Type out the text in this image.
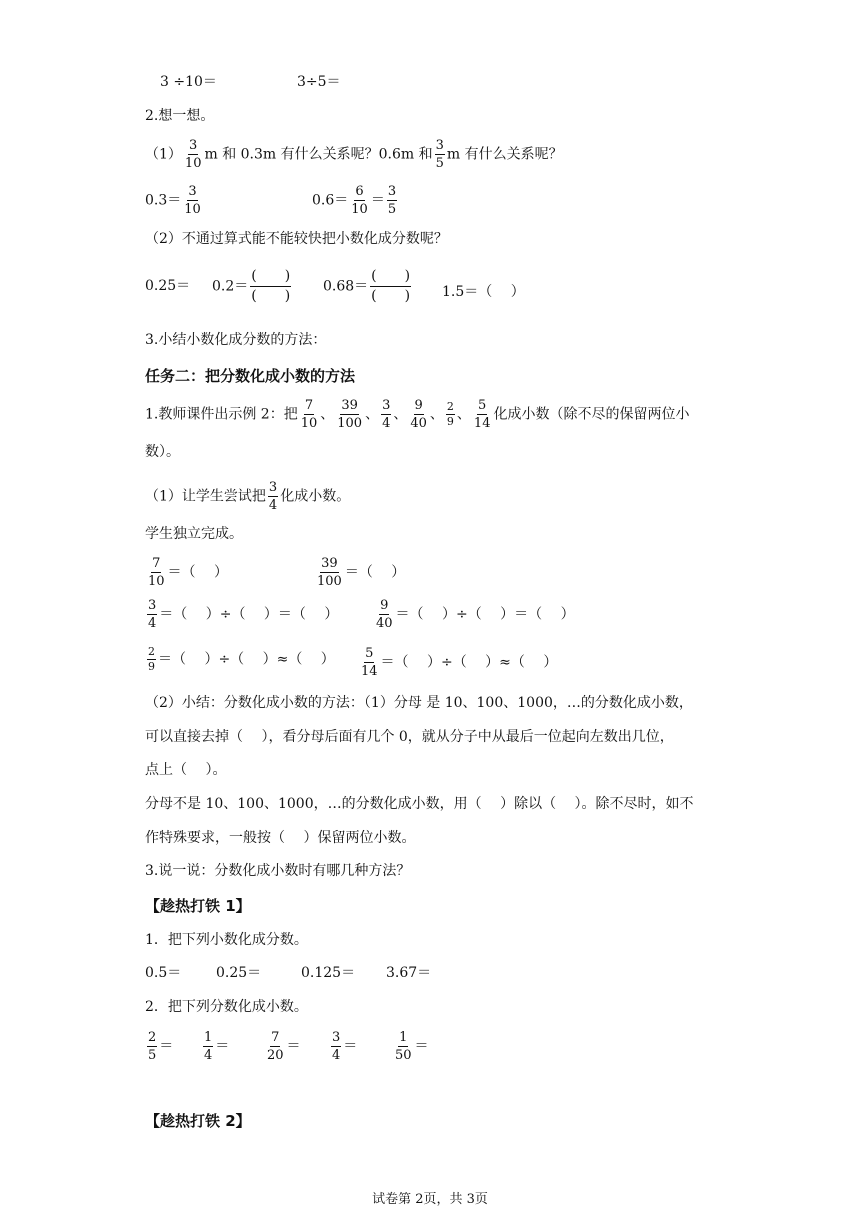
3 ÷10＝	3÷5＝
2.想一想。
$(1) \frac{3}{10}$ m 和 0.3m 有什么关系呢？0.6m 和 $\frac{3}{5}$ m 有什么关系呢？
$0.3= \frac{3}{10}$	$0.6= \frac{6}{10} = \frac{3}{5}$
（2）不通过算式能不能较快把小数化成分数呢？
$0.25= 0.2= \frac{( )}{( )} 0.68= \frac{( )}{( )} 1.5=$（　 ）
3.小结小数化成分数的方法：
任务二：把分数化成小数的方法
1.教师课件出示例 2：把 $\frac{7}{10}$ 、 $\frac{39}{100}$ 、 $\frac{3}{4}$ 、 $\frac{9}{40}$ 、 $\frac{2}{9}$ 、 $\frac{5}{14}$ 化成小数（除不尽的保留两位小
数）。
（1）让学生尝试把 $\frac{3}{4}$ 化成小数。
学生独立完成。
$\frac{7}{10}$ ＝（　 ）	$\frac{39}{100}$ ＝（　 ）
$\frac{3}{4}$ ＝（　 ）÷（　 ）＝（　 ）	$\frac{9}{40}$ ＝（　 ）÷（　 ）＝（　 ）
$\frac{2}{9}$ ＝（　 ）÷（　 ）≈（　 ） $\frac{5}{14}$ ＝（　 ）÷（　 ）≈（　 ）
（2）小结：分数化成小数的方法：（1）分母 是 10、100、1000，…的分数化成小数，
可以直接去掉（　 ），看分母后面有几个 0，就从分子中从最后一位起向左数出几位，
点上（　 ）。
分母不是 10、100、1000，…的分数化成小数，用（　 ）除以（　 ）。除不尽时，如不
作特殊要求，一般按（　 ）保留两位小数。
3.说一说：分数化成小数时有哪几种方法？
【趁热打铁 1】
1．把下列小数化成分数。
0.5＝ 0.25＝	0.125＝ 3.67＝
2．把下列分数化成小数。
$\frac{2}{5} = \frac{1}{4}$ ＝	$\frac{7}{20} = \frac{3}{4}$ ＝	$\frac{1}{50}$ ＝
【趁热打铁 2】
试卷第 2页，共 3页
